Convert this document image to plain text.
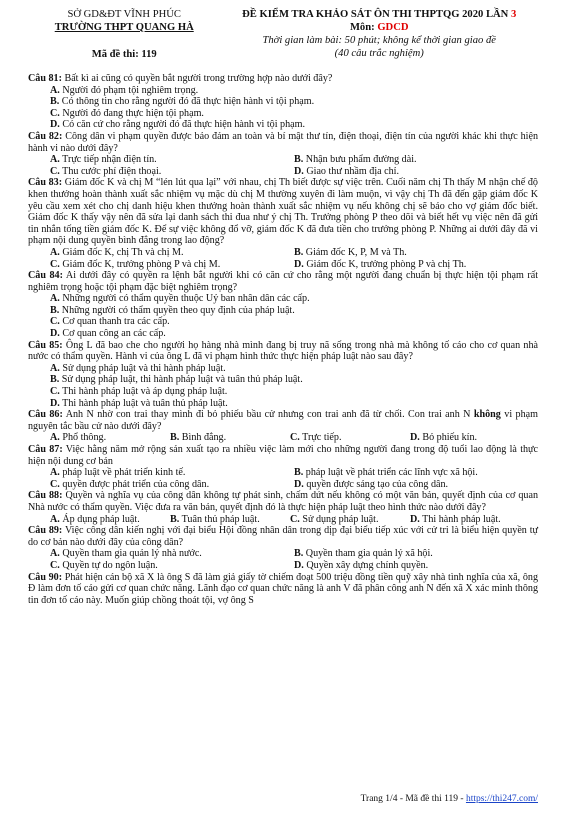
SỞ GD&ĐT VĨNH PHÚC
TRƯỜNG THPT QUANG HÀ
Mã đề thi: 119
ĐỀ KIỂM TRA KHẢO SÁT ÔN THI THPTQG 2020 LẦN 3
Môn: GDCD
Thời gian làm bài: 50 phút; không kể thời gian giao đề
(40 câu trắc nghiệm)
Câu 81: Bất kì ai cũng có quyền bắt người trong trường hợp nào dưới đây?
A. Người đó phạm tội nghiêm trọng.
B. Có thông tin cho rằng người đó đã thực hiện hành vi tội phạm.
C. Người đó đang thực hiện tội phạm.
D. Có căn cứ cho rằng người đó đã thực hiện hành vi tội phạm.
Câu 82: Công dân vi phạm quyền được bảo đảm an toàn và bí mật thư tín, điện thoại, điện tín của người khác khi thực hiện hành vi nào dưới đây?
A. Trực tiếp nhận điện tín.	B. Nhận bưu phẩm đường dài.
C. Thu cước phí điện thoại.	D. Giao thư nhầm địa chỉ.
Câu 83: Giám đốc K và chị M “lén lút qua lại” với nhau, chị Th biết được sự việc trên. Cuối năm chị Th thấy M nhận chế độ khen thưởng hoàn thành xuất sắc nhiệm vụ mặc dù chị M thường xuyên đi làm muộn, vì vậy chị Th đã đến gặp giám đốc K yêu cầu xem xét cho chị danh hiệu khen thưởng hoàn thành xuất sắc nhiệm vụ nếu không chị sẽ báo cho vợ giám đốc biết. Giám đốc K thấy vậy nên đã sửa lại danh sách thi đua như ý chị Th. Trưởng phòng P theo dõi và biết hết vụ việc nên đã gửi tin nhắn tống tiền giám đốc K. Để sự việc không đổ vỡ, giám đốc K đã đưa tiền cho trưởng phòng P. Những ai dưới đây đã vi phạm nội dung quyền bình đẳng trong lao động?
A. Giám đốc K, chị Th và chị M.	B. Giám đốc K, P, M và Th.
C. Giám đốc K, trưởng phòng P và chị M.	D. Giám đốc K, trưởng phòng P và chị Th.
Câu 84: Ai dưới đây có quyền ra lệnh bắt người khi có căn cứ cho rằng một người đang chuẩn bị thực hiện tội phạm rất nghiêm trọng hoặc tội phạm đặc biệt nghiêm trọng?
A. Những người có thẩm quyền thuộc Uỷ ban nhân dân các cấp.
B. Những người có thẩm quyền theo quy định của pháp luật.
C. Cơ quan thanh tra các cấp.
D. Cơ quan công an các cấp.
Câu 85: Ông L đã bao che cho người họ hàng nhà mình đang bị truy nã sống trong nhà mà không tố cáo cho cơ quan nhà nước có thẩm quyền. Hành vi của ông L đã vi phạm hình thức thực hiện pháp luật nào sau đây?
A. Sử dụng pháp luật và thi hành pháp luật.
B. Sử dụng pháp luật, thi hành pháp luật và tuân thủ pháp luật.
C. Thi hành pháp luật và áp dụng pháp luật.
D. Thi hành pháp luật và tuân thủ pháp luật.
Câu 86: Anh N nhờ con trai thay mình đi bỏ phiếu bầu cử nhưng con trai anh đã từ chối. Con trai anh N không vi phạm nguyên tắc bầu cử nào dưới đây?
A. Phổ thông.	B. Bình đẳng.	C. Trực tiếp.	D. Bỏ phiếu kín.
Câu 87: Việc hằng năm mở rộng sản xuất tạo ra nhiều việc làm mới cho những người đang trong độ tuổi lao động là thực hiện nội dung cơ bản
A. pháp luật về phát triển kinh tế.	B. pháp luật về phát triển các lĩnh vực xã hội.
C. quyền được phát triển của công dân.	D. quyền được sáng tạo của công dân.
Câu 88: Quyền và nghĩa vụ của công dân không tự phát sinh, chấm dứt nếu không có một văn bản, quyết định của cơ quan Nhà nước có thẩm quyền. Việc đưa ra văn bản, quyết định đó là thực hiện pháp luật theo hình thức nào dưới đây?
A. Áp dụng pháp luật.	B. Tuân thủ pháp luật.	C. Sử dụng pháp luật.	D. Thi hành pháp luật.
Câu 89: Việc công dân kiến nghị với đại biểu Hội đồng nhân dân trong dịp đại biểu tiếp xúc với cử tri là biểu hiện quyền tự do cơ bản nào dưới đây của công dân?
A. Quyền tham gia quản lý nhà nước.	B. Quyền tham gia quản lý xã hội.
C. Quyền tự do ngôn luận.	D. Quyền xây dựng chính quyền.
Câu 90: Phát hiện cán bộ xã X là ông S đã làm giả giấy tờ chiếm đoạt 500 triệu đồng tiền quỹ xây nhà tình nghĩa của xã, ông Đ làm đơn tố cáo gửi cơ quan chức năng. Lãnh đạo cơ quan chức năng là anh V đã phân công anh N đến xã X xác minh thông tin đơn tố cáo này. Muốn giúp chồng thoát tội, vợ ông S
Trang 1/4 - Mã đề thi 119 - https://thi247.com/
